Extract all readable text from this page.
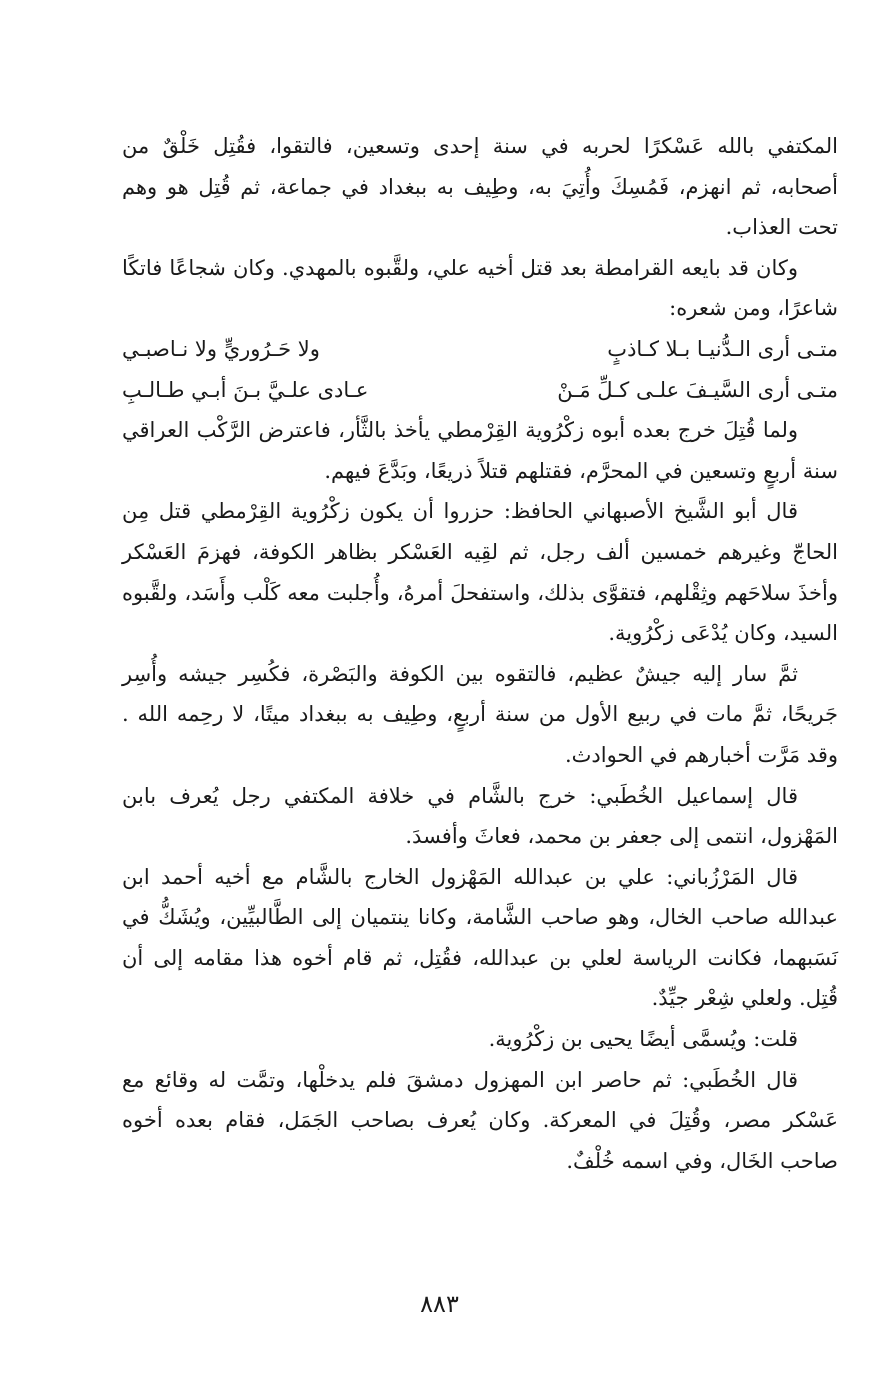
المكتفي بالله عَسْكرًا لحربه في سنة إحدى وتسعين، فالتقوا، فقُتِل خَلْقٌ من أصحابه، ثم انهزم، فَمُسِكَ وأُتِيَ به، وطِيف به ببغداد في جماعة، ثم قُتِل هو وهم تحت العذاب.

وكان قد بايعه القرامطة بعد قتل أخيه علي، ولقَّبوه بالمهدي. وكان شجاعًا فاتكًا شاعرًا، ومن شعره:

متـى أرى الـدُّنيـا بـلا كـاذبٍ
ولا حَـرُوريٍّ ولا نـاصبـي
متـى أرى السَّيـفَ علـى كـلِّ مَـنْ
عـادى علـيَّ بـنَ أبـي طـالـبِ

ولما قُتِلَ خرج بعده أبوه زكْرُوية القِرْمطي يأخذ بالثَّأر، فاعترض الرَّكْب العراقي سنة أربعٍ وتسعين في المحرَّم، فقتلهم قتلاً ذريعًا، وبَدَّعَ فيهم.

قال أبو الشَّيخ الأصبهاني الحافظ: حزروا أن يكون زكْرُوية القِرْمطي قتل مِن الحاجّ وغيرهم خمسين ألف رجل، ثم لقِيه العَسْكر بظاهر الكوفة، فهزمَ العَسْكر وأخذَ سلاحَهم وثِقْلهم، فتقوَّى بذلك، واستفحلَ أمرهُ، وأُجلبت معه كَلْب وأَسَد، ولقَّبوه السيد، وكان يُدْعَى زكْرُوية.

ثمَّ سار إليه جيشٌ عظيم، فالتقوه بين الكوفة والبَصْرة، فكُسِر جيشه وأُسِر جَريحًا، ثمَّ مات في ربيع الأول من سنة أربعٍ، وطِيف به ببغداد ميتًا، لا رحِمه الله . وقد مَرَّت أخبارهم في الحوادث.

قال إسماعيل الخُطَبي: خرج بالشَّام في خلافة المكتفي رجل يُعرف بابن المَهْزول، انتمى إلى جعفر بن محمد، فعاثَ وأفسدَ.

قال المَرْزُباني: علي بن عبدالله المَهْزول الخارج بالشَّام مع أخيه أحمد ابن عبدالله صاحب الخال، وهو صاحب الشَّامة، وكانا ينتميان إلى الطَّالبيِّين، ويُشَكُّ في نَسَبهما، فكانت الرياسة لعلي بن عبدالله، فقُتِل، ثم قام أخوه هذا مقامه إلى أن قُتِل. ولعلي شِعْر جيِّدٌ.

قلت: ويُسمَّى أيضًا يحيى بن زكْرُوية.

قال الخُطَبي: ثم حاصر ابن المهزول دمشقَ فلم يدخلْها، وتمَّت له وقائع مع عَسْكر مصر، وقُتِلَ في المعركة. وكان يُعرف بصاحب الجَمَل، فقام بعده أخوه صاحب الخَال، وفي اسمه خُلْفٌ.

٨٨٣
